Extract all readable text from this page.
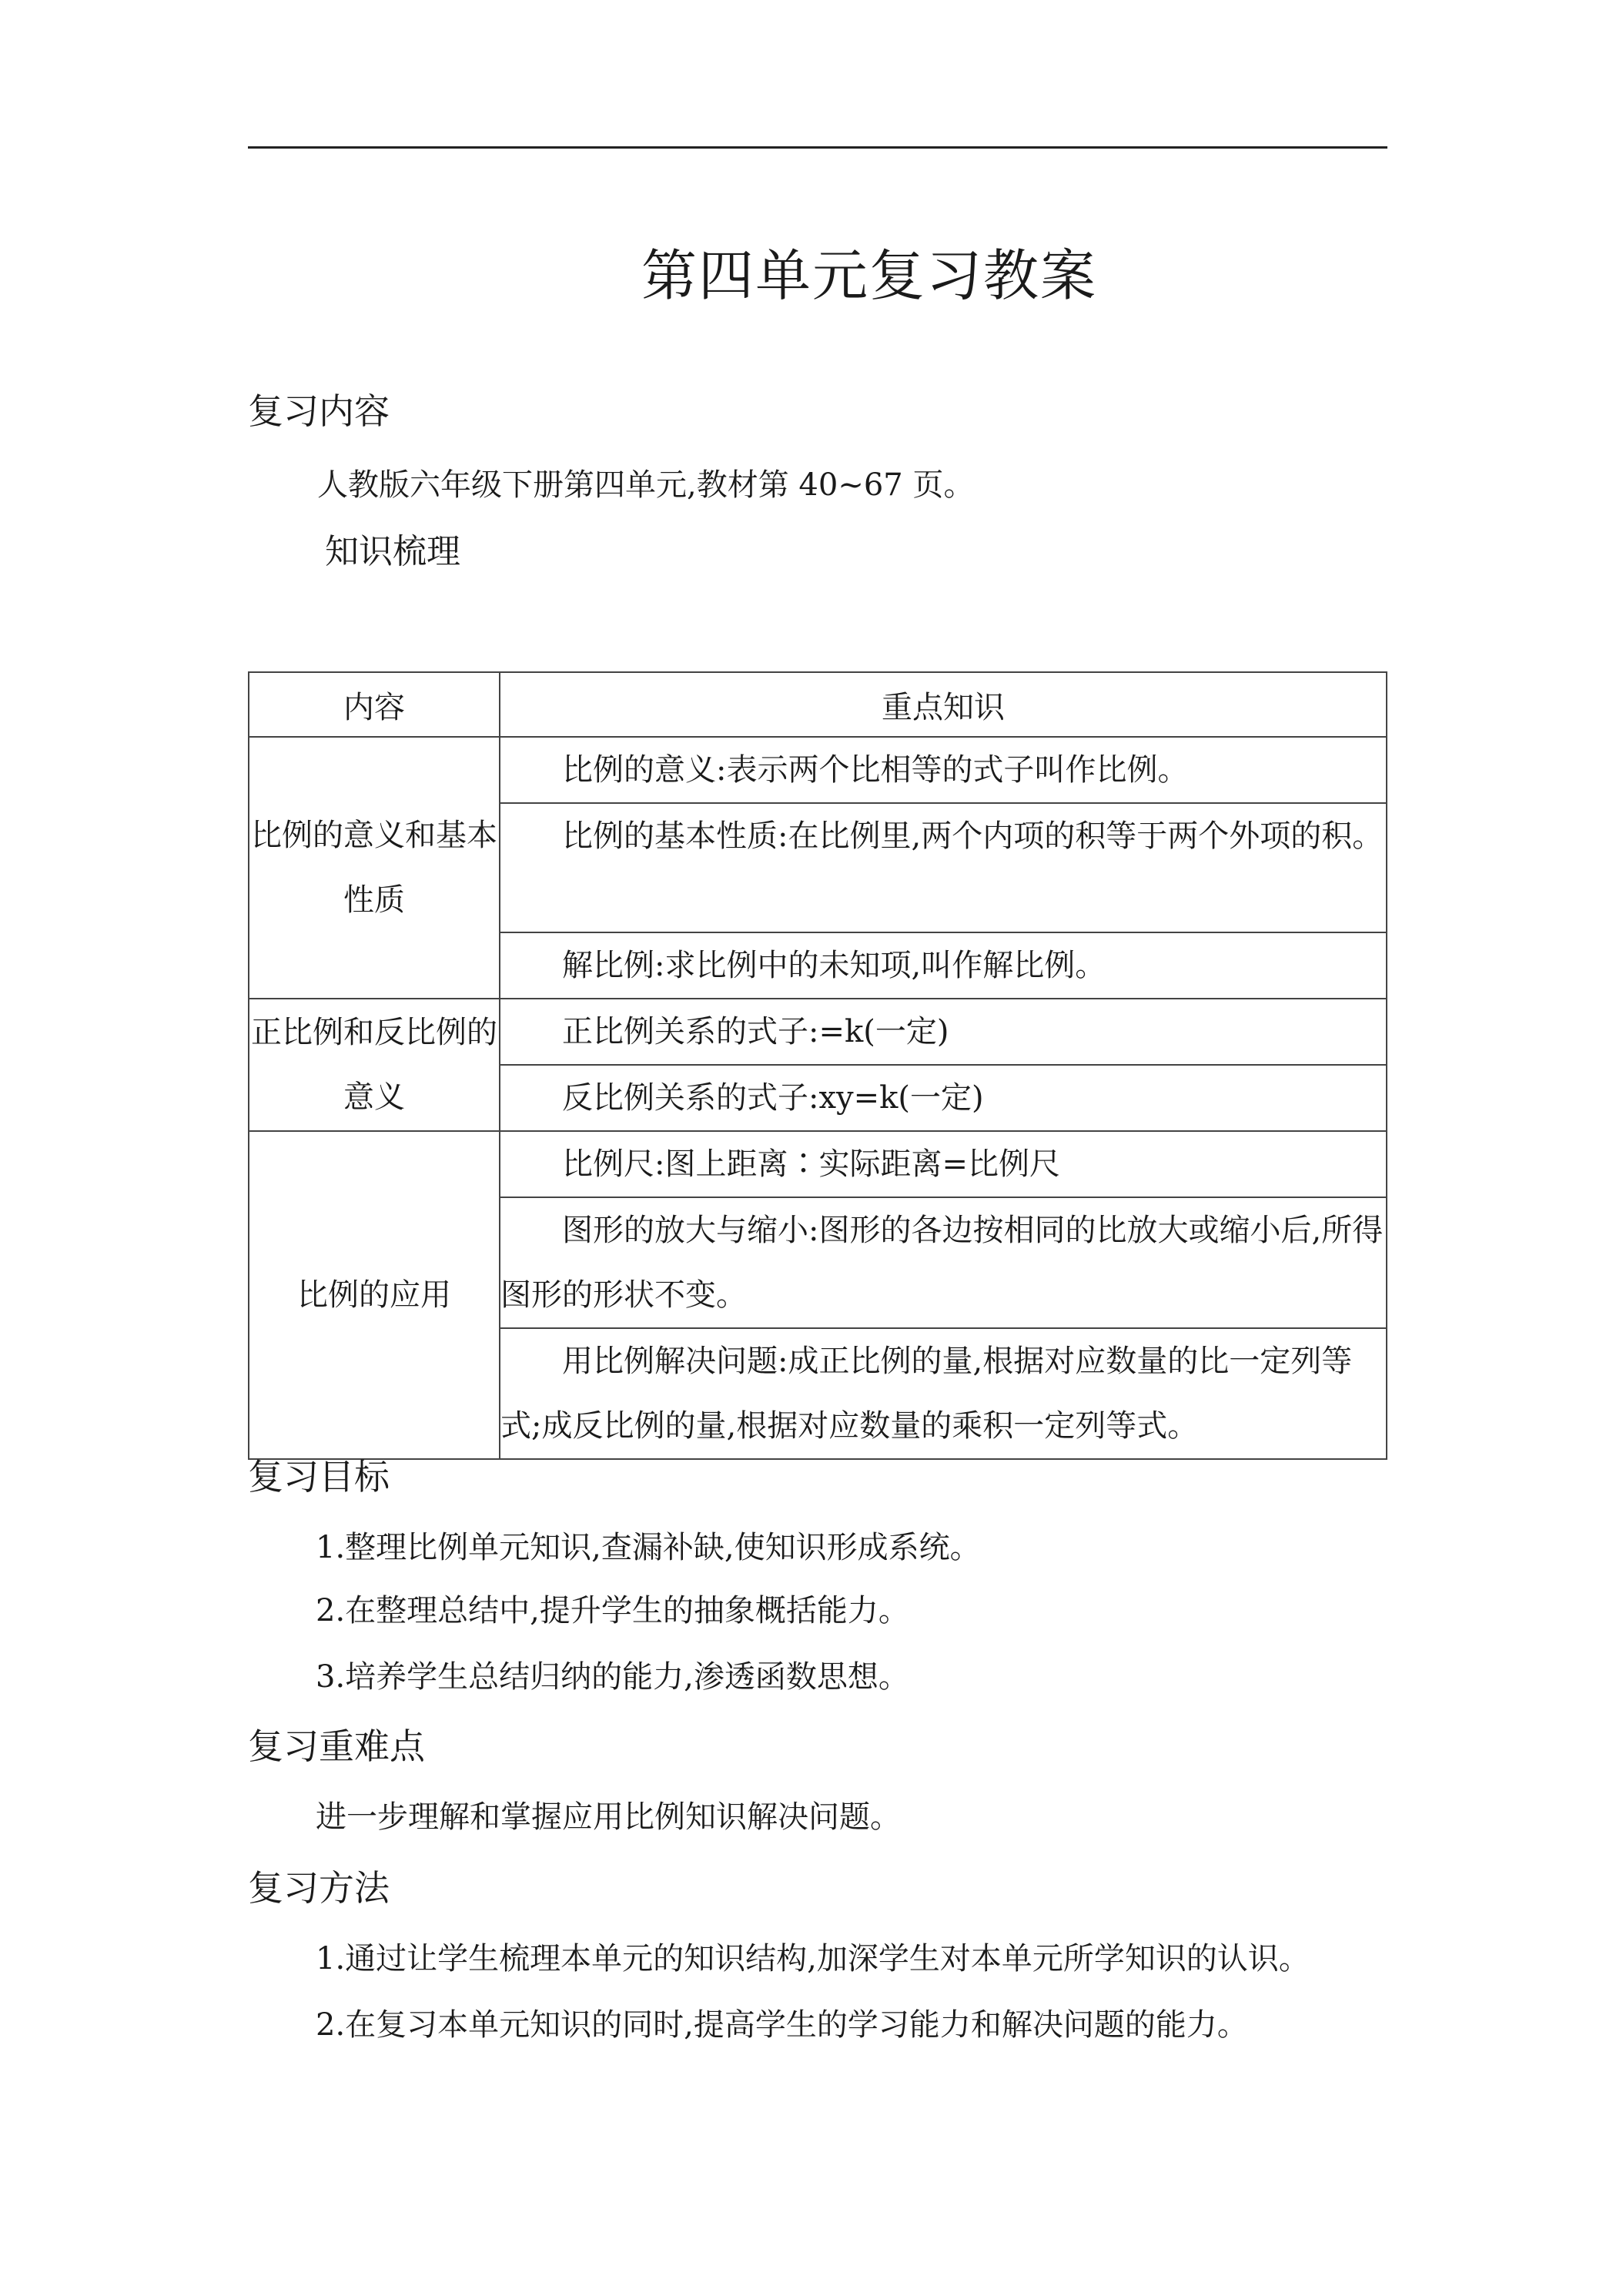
第四单元复习教案
复习内容
人教版六年级下册第四单元,教材第 40~67 页。
知识梳理
内容	重点知识
比例的意义和基本性质	比例的意义:表示两个比相等的式子叫作比例。

	比例的基本性质:在比例里,两个内项的积等于两个外项的积。

	解比例:求比例中的未知项,叫作解比例。

正比例和反比例的意义	正比例关系的式子:=k(一定)

	反比例关系的式子:xy=k(一定)

比例的应用	比例尺:图上距离∶实际距离=比例尺

	图形的放大与缩小:图形的各边按相同的比放大或缩小后,所得图形的形状不变。

	用比例解决问题:成正比例的量,根据对应数量的比一定列等式;成反比例的量,根据对应数量的乘积一定列等式。
复习目标
1.整理比例单元知识,查漏补缺,使知识形成系统。
2.在整理总结中,提升学生的抽象概括能力。
3.培养学生总结归纳的能力,渗透函数思想。
复习重难点
进一步理解和掌握应用比例知识解决问题。
复习方法
1.通过让学生梳理本单元的知识结构,加深学生对本单元所学知识的认识。
2.在复习本单元知识的同时,提高学生的学习能力和解决问题的能力。
